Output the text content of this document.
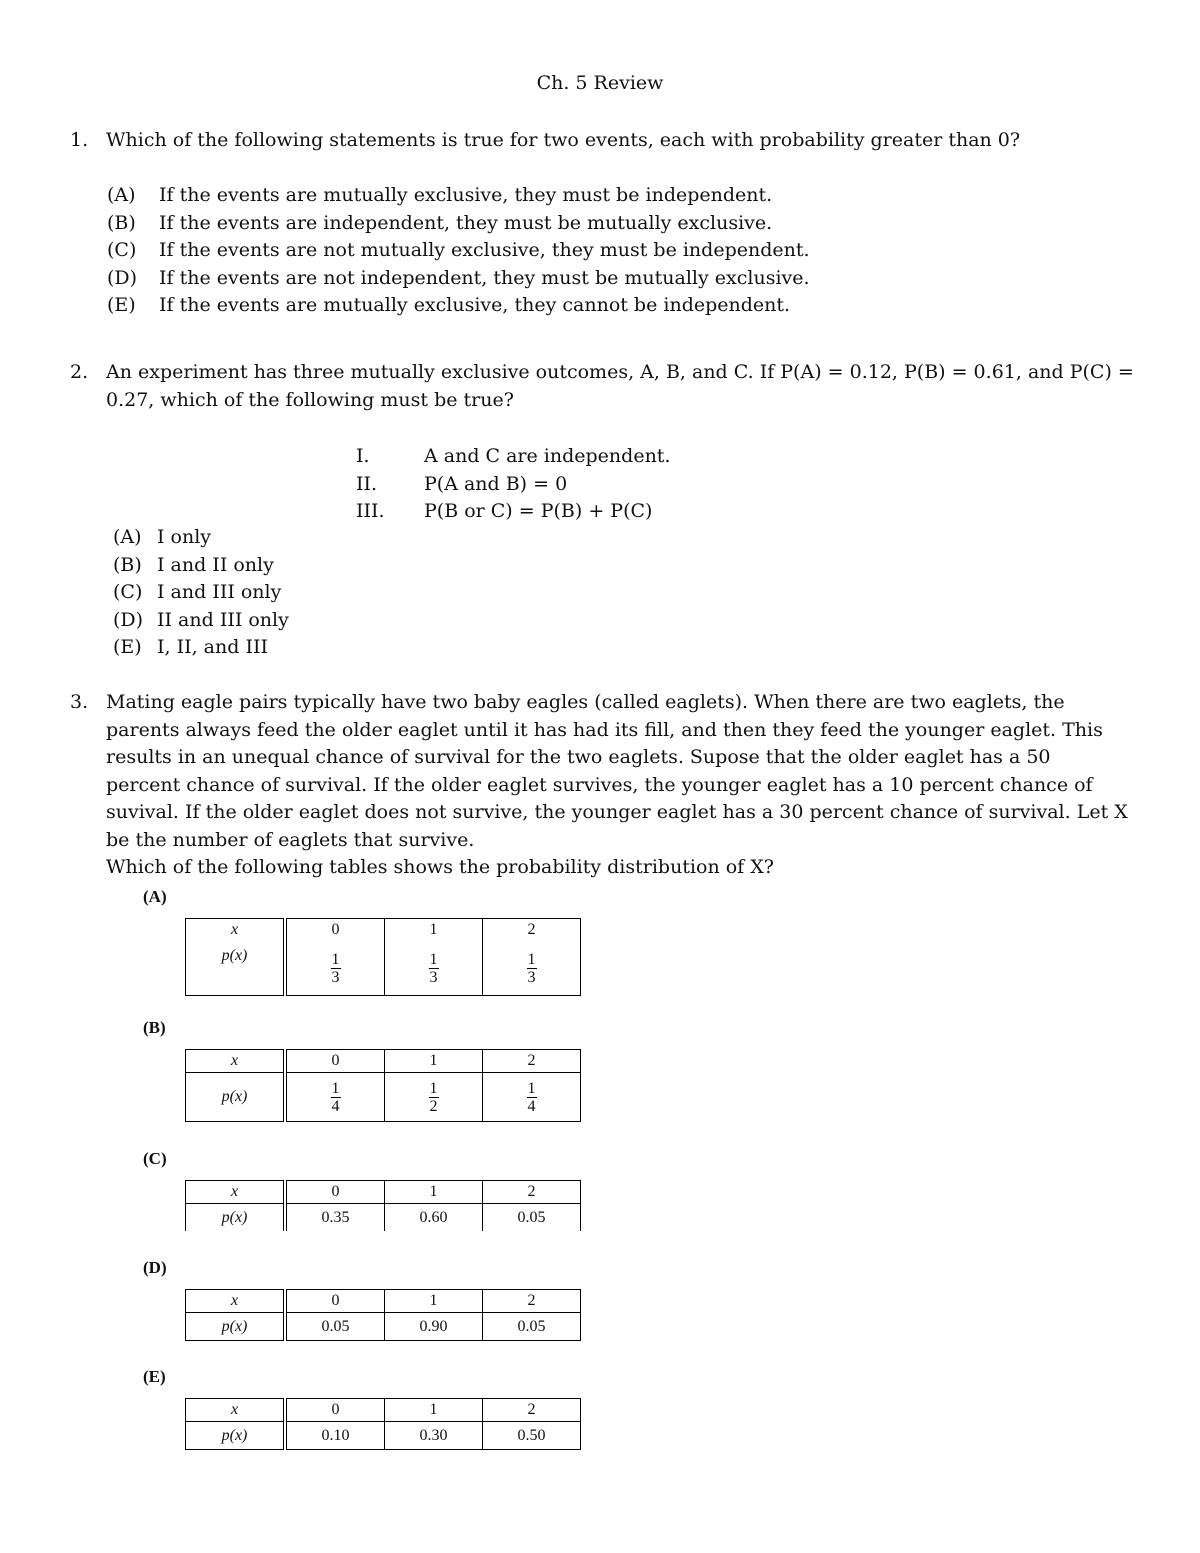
Ch. 5 Review
1. Which of the following statements is true for two events, each with probability greater than 0?
(A) If the events are mutually exclusive, they must be independent.
(B) If the events are independent, they must be mutually exclusive.
(C) If the events are not mutually exclusive, they must be independent.
(D) If the events are not independent, they must be mutually exclusive.
(E) If the events are mutually exclusive, they cannot be independent.
2. An experiment has three mutually exclusive outcomes, A, B, and C. If P(A) = 0.12, P(B) = 0.61, and P(C) = 0.27, which of the following must be true?
I.	A and C are independent.
II. P(A and B) = 0
III. P(B or C) = P(B) + P(C)
(A) I only
(B) I and II only
(C) I and III only
(D) II and III only
(E) I, II, and III
3. Mating eagle pairs typically have two baby eagles (called eaglets). When there are two eaglets, the parents always feed the older eaglet until it has had its fill, and then they feed the younger eaglet. This results in an unequal chance of survival for the two eaglets. Supose that the older eaglet has a 50 percent chance of survival. If the older eaglet survives, the younger eaglet has a 10 percent chance of suvival. If the older eaglet does not survive, the younger eaglet has a 30 percent chance of survival. Let X be the number of eaglets that survive.
Which of the following tables shows the probability distribution of X?
(A)
x	0	1	2
p(x)	$\frac{1}{3}$	$\frac{1}{3}$	$\frac{1}{3}$
(B)
x	0	1	2
p(x)	$\frac{1}{4}$	$\frac{1}{2}$	$\frac{1}{4}$
(C)
x	0	1	2
p(x)	0.35	0.60	0.05
(D)
x	0	1	2
p(x)	0.05	0.90	0.05
(E)
x	0	1	2
p(x)	0.10	0.30	0.50
